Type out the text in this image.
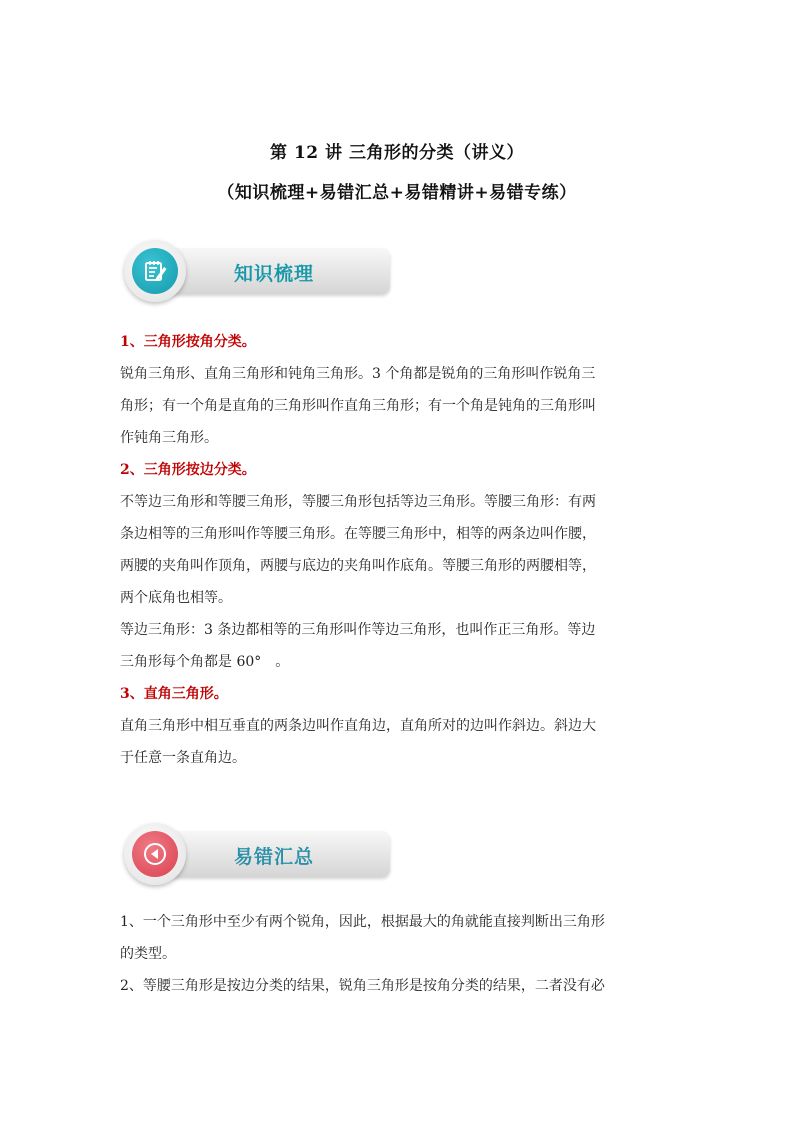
第 12 讲 三角形的分类（讲义）
（知识梳理+易错汇总+易错精讲+易错专练）
知识梳理

1、三角形按角分类。

锐角三角形、直角三角形和钝角三角形。3 个角都是锐角的三角形叫作锐角三

角形；有一个角是直角的三角形叫作直角三角形；有一个角是钝角的三角形叫

作钝角三角形。

2、三角形按边分类。

不等边三角形和等腰三角形，等腰三角形包括等边三角形。等腰三角形：有两

条边相等的三角形叫作等腰三角形。在等腰三角形中，相等的两条边叫作腰，

两腰的夹角叫作顶角，两腰与底边的夹角叫作底角。等腰三角形的两腰相等，

两个底角也相等。

等边三角形：3 条边都相等的三角形叫作等边三角形，也叫作正三角形。等边

三角形每个角都是 60°　。

3、直角三角形。

直角三角形中相互垂直的两条边叫作直角边，直角所对的边叫作斜边。斜边大

于任意一条直角边。

易错汇总

1、一个三角形中至少有两个锐角，因此，根据最大的角就能直接判断出三角形

的类型。

2、等腰三角形是按边分类的结果，锐角三角形是按角分类的结果，二者没有必
